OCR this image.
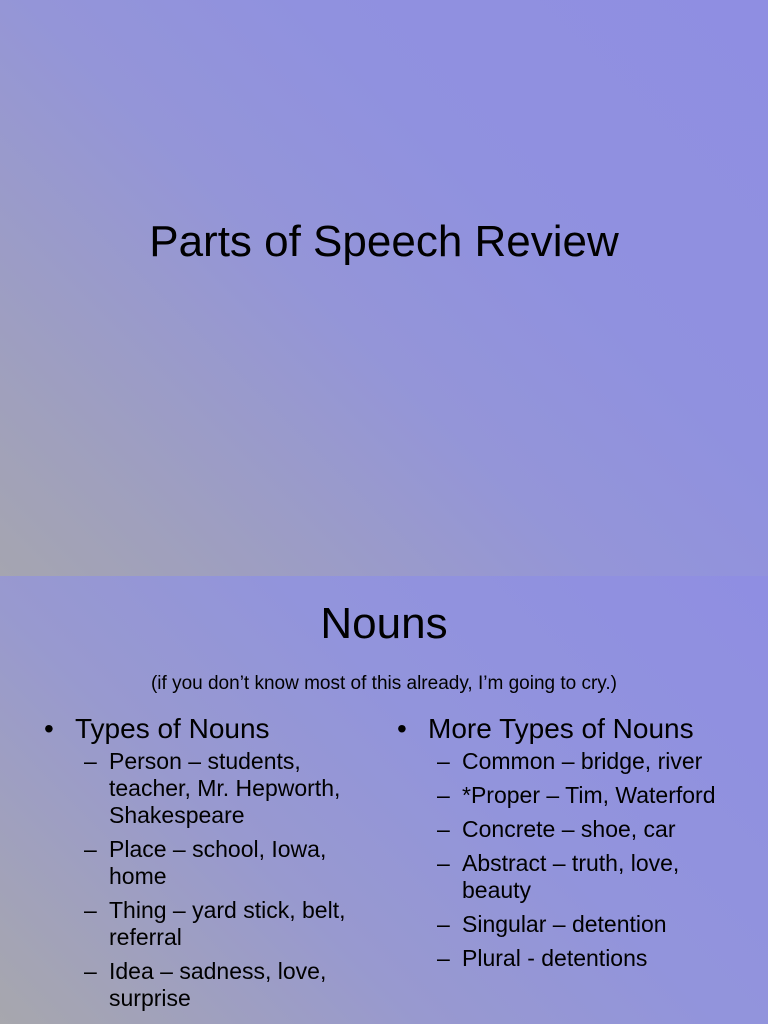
Parts of Speech Review
Nouns
(if you don’t know most of this already, I’m going to cry.)
• Types of Nouns
– Person – students, teacher, Mr. Hepworth, Shakespeare
– Place – school, Iowa, home
– Thing – yard stick, belt, referral
– Idea – sadness, love, surprise
• More Types of Nouns
– Common – bridge, river
– *Proper – Tim, Waterford
– Concrete – shoe, car
– Abstract – truth, love, beauty
– Singular – detention
– Plural - detentions
